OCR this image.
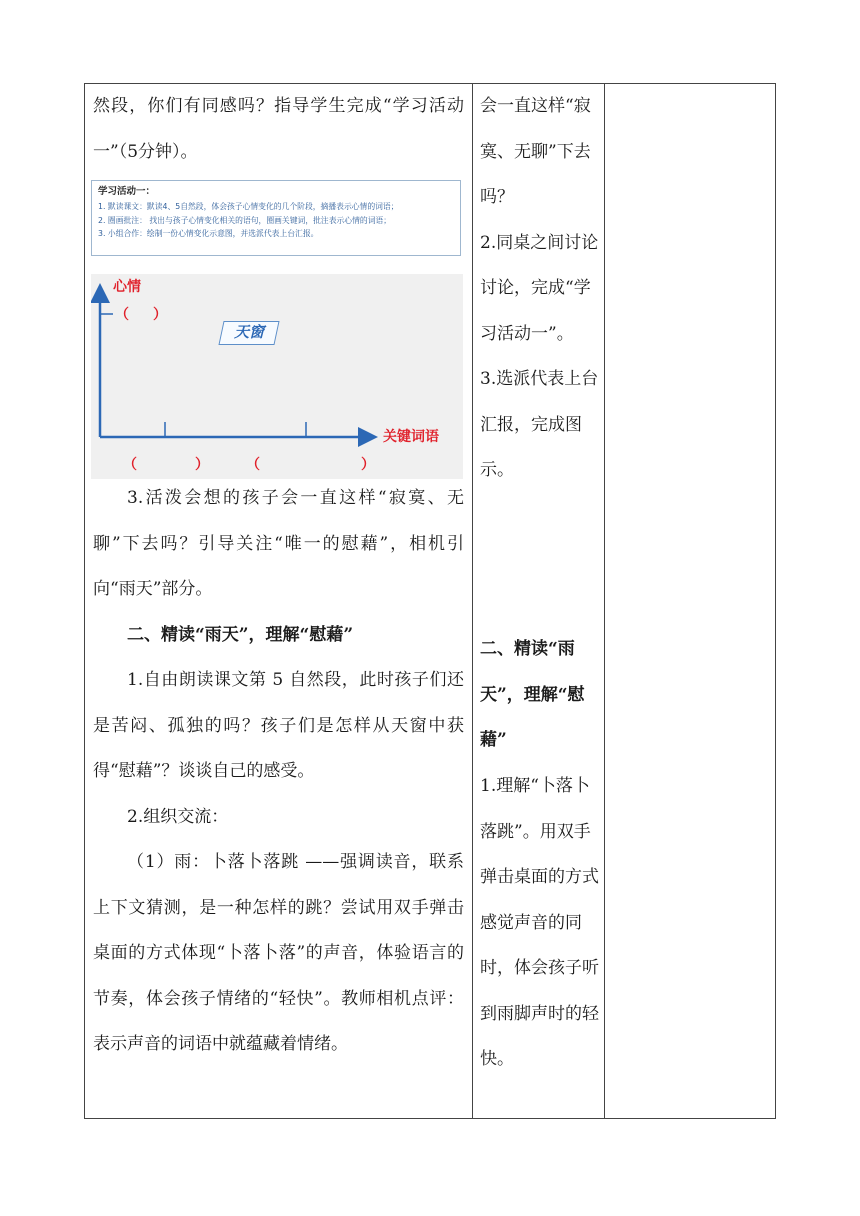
然段，你们有同感吗？指导学生完成“学习活动一”（5分钟）。

学习活动一：
1. 默读课文：默读4、5自然段，体会孩子心情变化的几个阶段，摘播表示心情的词语；
2. 圈画批注： 找出与孩子心情变化相关的语句，圈画关键词，批注表示心情的词语；
3. 小组合作：绘制一份心情变化示意图，并选派代表上台汇报。
心情
关键词语
（ ）
天窗
（	）	（	）

3.活泼会想的孩子会一直这样“寂寞、无聊”下去吗？引导关注“唯一的慰藉”，相机引向“雨天”部分。

二、精读“雨天”，理解“慰藉”

1.自由朗读课文第 5 自然段，此时孩子们还是苦闷、孤独的吗？孩子们是怎样从天窗中获得“慰藉”？谈谈自己的感受。

2.组织交流：

（1）雨：卜落卜落跳 ——强调读音，联系上下文猜测，是一种怎样的跳？尝试用双手弹击桌面的方式体现“卜落卜落”的声音，体验语言的节奏，体会孩子情绪的“轻快”。教师相机点评：表示声音的词语中就蕴藏着情绪。

会一直这样“寂寞、无聊”下去吗？

2.同桌之间讨论讨论，完成“学习活动一”。

3.选派代表上台汇报，完成图示。

二、精读“雨天”，理解“慰藉”

1.理解“卜落卜落跳”。用双手弹击桌面的方式感觉声音的同时，体会孩子听到雨脚声时的轻快。
